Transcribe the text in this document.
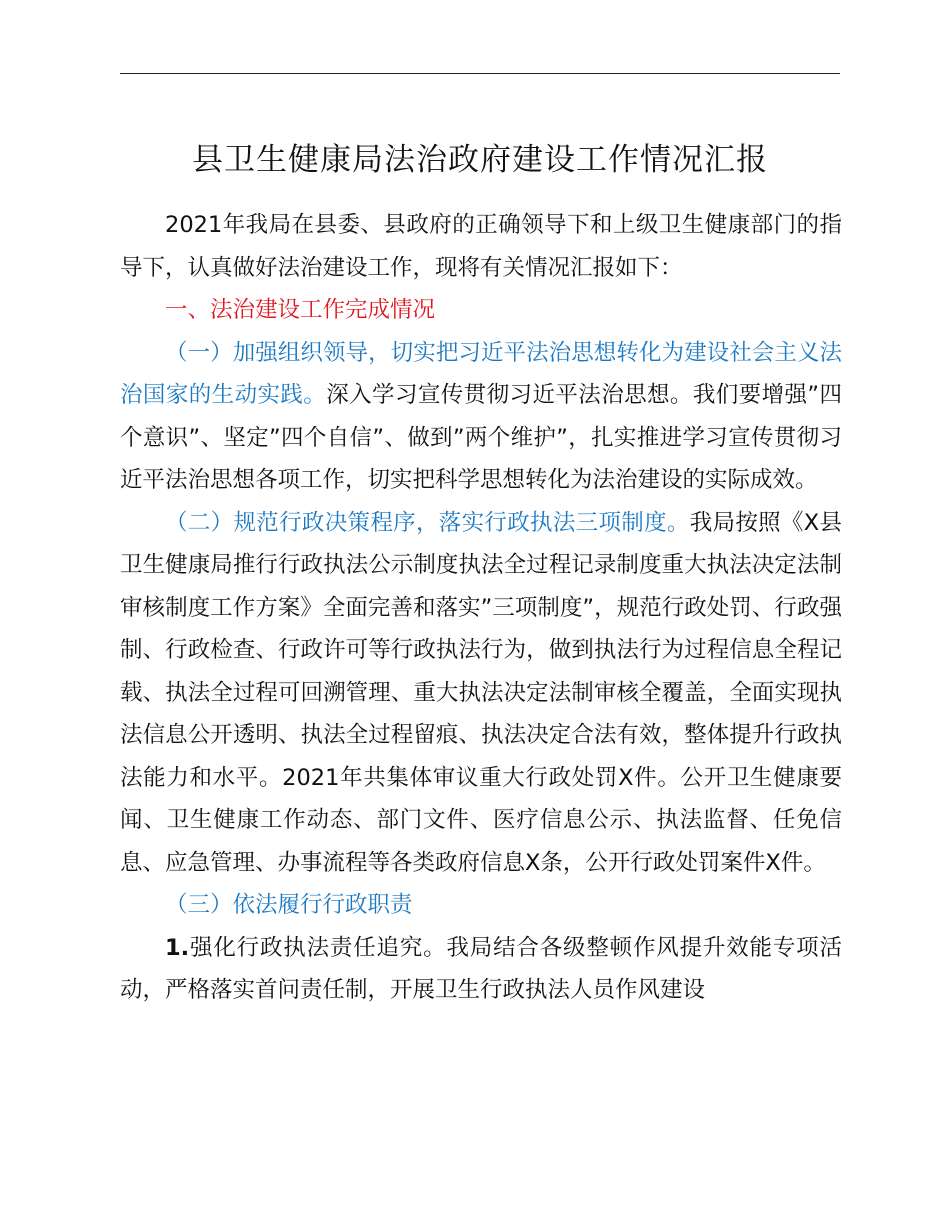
县卫生健康局法治政府建设工作情况汇报

2021年我局在县委、县政府的正确领导下和上级卫生健康部门的指导下，认真做好法治建设工作，现将有关情况汇报如下：

一、法治建设工作完成情况

（一）加强组织领导，切实把习近平法治思想转化为建设社会主义法治国家的生动实践。深入学习宣传贯彻习近平法治思想。我们要增强”四个意识”、坚定”四个自信”、做到”两个维护”，扎实推进学习宣传贯彻习近平法治思想各项工作，切实把科学思想转化为法治建设的实际成效。

（二）规范行政决策程序，落实行政执法三项制度。我局按照《X县卫生健康局推行行政执法公示制度执法全过程记录制度重大执法决定法制审核制度工作方案》全面完善和落实”三项制度”，规范行政处罚、行政强制、行政检查、行政许可等行政执法行为，做到执法行为过程信息全程记载、执法全过程可回溯管理、重大执法决定法制审核全覆盖，全面实现执法信息公开透明、执法全过程留痕、执法决定合法有效，整体提升行政执法能力和水平。2021年共集体审议重大行政处罚X件。公开卫生健康要闻、卫生健康工作动态、部门文件、医疗信息公示、执法监督、任免信息、应急管理、办事流程等各类政府信息X条，公开行政处罚案件X件。

（三）依法履行行政职责

1.强化行政执法责任追究。我局结合各级整顿作风提升效能专项活动，严格落实首问责任制，开展卫生行政执法人员作风建设
